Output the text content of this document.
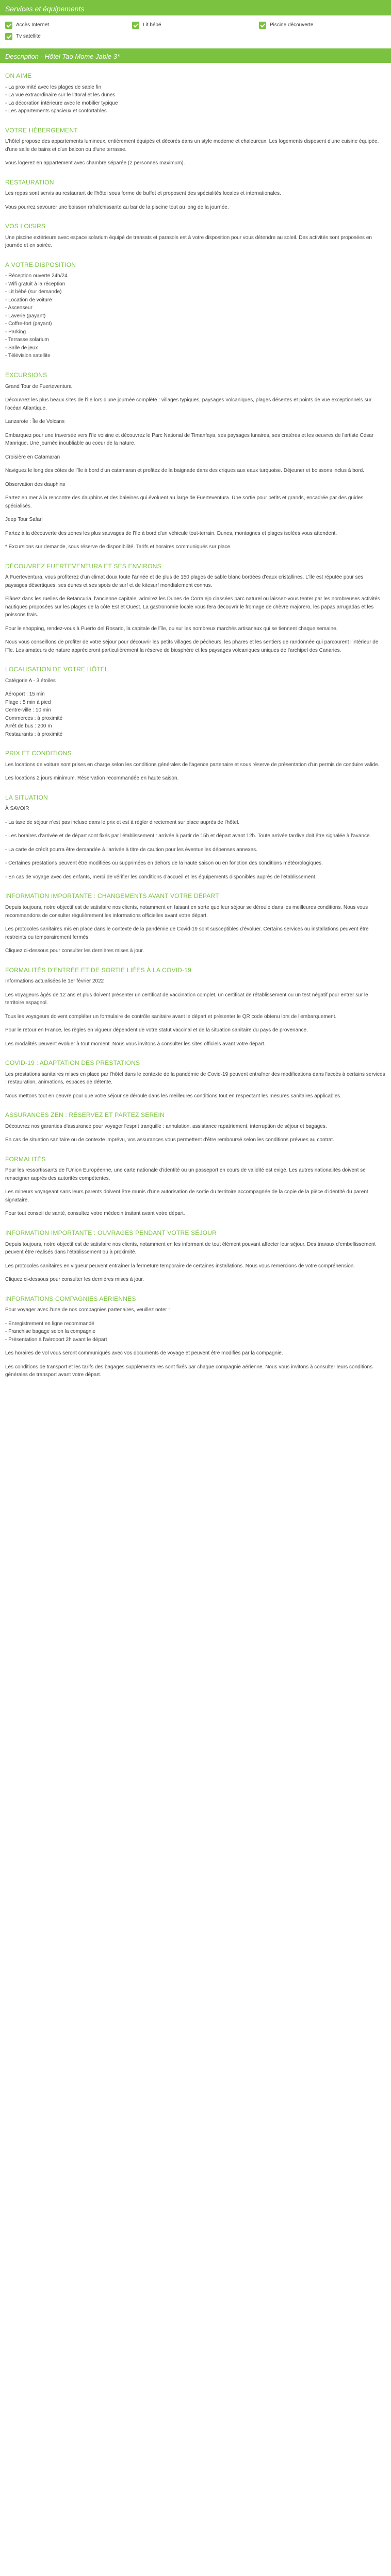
Services et équipements
Accès Internet	Lit bébé	Piscine découverte
Tv satellite
Description - Hôtel Tao Mome Jable 3*
ON AIME
- La proximité avec les plages de sable fin
- La vue extraordinaire sur le littoral et les dunes
- La décoration intérieure avec le mobilier typique
- Les appartements spacieux et confortables
VOTRE HÉBERGEMENT

L'hôtel propose des appartements lumineux, entièrement équipés et décorés dans un style moderne et chaleureux. Les logements disposent d'une cuisine équipée, d'une salle de bains et d'un balcon ou d'une terrasse.

Vous logerez en appartement avec chambre séparée (2 personnes maximum).

RESTAURATION

Les repas sont servis au restaurant de l'hôtel sous forme de buffet et proposent des spécialités locales et internationales.

Vous pourrez savourer une boisson rafraîchissante au bar de la piscine tout au long de la journée.

VOS LOISIRS

Une piscine extérieure avec espace solarium équipé de transats et parasols est à votre disposition pour vous détendre au soleil. Des activités sont proposées en journée et en soirée.

À VOTRE DISPOSITION
- Réception ouverte 24h/24
- Wifi gratuit à la réception
- Lit bébé (sur demande)
- Location de voiture
- Ascenseur
- Laverie (payant)
- Coffre-fort (payant)
- Parking
- Terrasse solarium
- Salle de jeux
- Télévision satellite
EXCURSIONS

Grand Tour de Fuerteventura

Découvrez les plus beaux sites de l'île lors d'une journée complète : villages typiques, paysages volcaniques, plages désertes et points de vue exceptionnels sur l'océan Atlantique.

Lanzarote : Île de Volcans

Embarquez pour une traversée vers l'île voisine et découvrez le Parc National de Timanfaya, ses paysages lunaires, ses cratères et les oeuvres de l'artiste César Manrique. Une journée inoubliable au coeur de la nature.

Croisière en Catamaran

Naviguez le long des côtes de l'île à bord d'un catamaran et profitez de la baignade dans des criques aux eaux turquoise. Déjeuner et boissons inclus à bord.

Observation des dauphins

Partez en mer à la rencontre des dauphins et des baleines qui évoluent au large de Fuerteventura. Une sortie pour petits et grands, encadrée par des guides spécialisés.

Jeep Tour Safari

Partez à la découverte des zones les plus sauvages de l'île à bord d'un véhicule tout-terrain. Dunes, montagnes et plages isolées vous attendent.

* Excursions sur demande, sous réserve de disponibilité. Tarifs et horaires communiqués sur place.

DÉCOUVREZ FUERTEVENTURA ET SES ENVIRONS

À Fuerteventura, vous profiterez d'un climat doux toute l'année et de plus de 150 plages de sable blanc bordées d'eaux cristallines. L'île est réputée pour ses paysages désertiques, ses dunes et ses spots de surf et de kitesurf mondialement connus.

Flânez dans les ruelles de Betancuria, l'ancienne capitale, admirez les Dunes de Corralejo classées parc naturel ou laissez-vous tenter par les nombreuses activités nautiques proposées sur les plages de la côte Est et Ouest. La gastronomie locale vous fera découvrir le fromage de chèvre majorero, les papas arrugadas et les poissons frais.

Pour le shopping, rendez-vous à Puerto del Rosario, la capitale de l'île, ou sur les nombreux marchés artisanaux qui se tiennent chaque semaine.

Nous vous conseillons de profiter de votre séjour pour découvrir les petits villages de pêcheurs, les phares et les sentiers de randonnée qui parcourent l'intérieur de l'île. Les amateurs de nature apprécieront particulièrement la réserve de biosphère et les paysages volcaniques uniques de l'archipel des Canaries.

LOCALISATION DE VOTRE HÔTEL

Catégorie A - 3 étoiles

Aéroport : 15 min
Plage : 5 min à pied
Centre-ville : 10 min
Commerces : à proximité
Arrêt de bus : 200 m
Restaurants : à proximité
PRIX ET CONDITIONS

Les locations de voiture sont prises en charge selon les conditions générales de l'agence partenaire et sous réserve de présentation d'un permis de conduire valide.

Les locations 2 jours minimum. Réservation recommandée en haute saison.

LA SITUATION

À SAVOIR

- La taxe de séjour n'est pas incluse dans le prix et est à régler directement sur place auprès de l'hôtel.

- Les horaires d'arrivée et de départ sont fixés par l'établissement : arrivée à partir de 15h et départ avant 12h. Toute arrivée tardive doit être signalée à l'avance.

- La carte de crédit pourra être demandée à l'arrivée à titre de caution pour les éventuelles dépenses annexes.

- Certaines prestations peuvent être modifiées ou supprimées en dehors de la haute saison ou en fonction des conditions météorologiques.

- En cas de voyage avec des enfants, merci de vérifier les conditions d'accueil et les équipements disponibles auprès de l'établissement.

INFORMATION IMPORTANTE : CHANGEMENTS AVANT VOTRE DÉPART

Depuis toujours, notre objectif est de satisfaire nos clients, notamment en faisant en sorte que leur séjour se déroule dans les meilleures conditions. Nous vous recommandons de consulter régulièrement les informations officielles avant votre départ.

Les protocoles sanitaires mis en place dans le contexte de la pandémie de Covid-19 sont susceptibles d'évoluer. Certains services ou installations peuvent être restreints ou temporairement fermés.

Cliquez ci-dessous pour consulter les dernières mises à jour.

FORMALITÉS D'ENTRÉE ET DE SORTIE LIÉES À LA COVID-19

Informations actualisées le 1er février 2022

Les voyageurs âgés de 12 ans et plus doivent présenter un certificat de vaccination complet, un certificat de rétablissement ou un test négatif pour entrer sur le territoire espagnol.

Tous les voyageurs doivent compléter un formulaire de contrôle sanitaire avant le départ et présenter le QR code obtenu lors de l'embarquement.

Pour le retour en France, les règles en vigueur dépendent de votre statut vaccinal et de la situation sanitaire du pays de provenance.

Les modalités peuvent évoluer à tout moment. Nous vous invitons à consulter les sites officiels avant votre départ.

COVID-19 : ADAPTATION DES PRESTATIONS

Les prestations sanitaires mises en place par l'hôtel dans le contexte de la pandémie de Covid-19 peuvent entraîner des modifications dans l'accès à certains services : restauration, animations, espaces de détente.

Nous mettons tout en oeuvre pour que votre séjour se déroule dans les meilleures conditions tout en respectant les mesures sanitaires applicables.

ASSURANCES ZEN : RÉSERVEZ ET PARTEZ SEREIN

Découvrez nos garanties d'assurance pour voyager l'esprit tranquille : annulation, assistance rapatriement, interruption de séjour et bagages.

En cas de situation sanitaire ou de contexte imprévu, vos assurances vous permettent d'être remboursé selon les conditions prévues au contrat.

FORMALITÉS

Pour les ressortissants de l'Union Européenne, une carte nationale d'identité ou un passeport en cours de validité est exigé. Les autres nationalités doivent se renseigner auprès des autorités compétentes.

Les mineurs voyageant sans leurs parents doivent être munis d'une autorisation de sortie du territoire accompagnée de la copie de la pièce d'identité du parent signataire.

Pour tout conseil de santé, consultez votre médecin traitant avant votre départ.

INFORMATION IMPORTANTE : OUVRAGES PENDANT VOTRE SÉJOUR

Depuis toujours, notre objectif est de satisfaire nos clients, notamment en les informant de tout élément pouvant affecter leur séjour. Des travaux d'embellissement peuvent être réalisés dans l'établissement ou à proximité.

Les protocoles sanitaires en vigueur peuvent entraîner la fermeture temporaire de certaines installations. Nous vous remercions de votre compréhension.

Cliquez ci-dessous pour consulter les dernières mises à jour.

INFORMATIONS COMPAGNIES AÉRIENNES

Pour voyager avec l'une de nos compagnies partenaires, veuillez noter :

- Enregistrement en ligne recommandé
- Franchise bagage selon la compagnie
- Présentation à l'aéroport 2h avant le départ

Les horaires de vol vous seront communiqués avec vos documents de voyage et peuvent être modifiés par la compagnie.

Les conditions de transport et les tarifs des bagages supplémentaires sont fixés par chaque compagnie aérienne. Nous vous invitons à consulter leurs conditions générales de transport avant votre départ.
